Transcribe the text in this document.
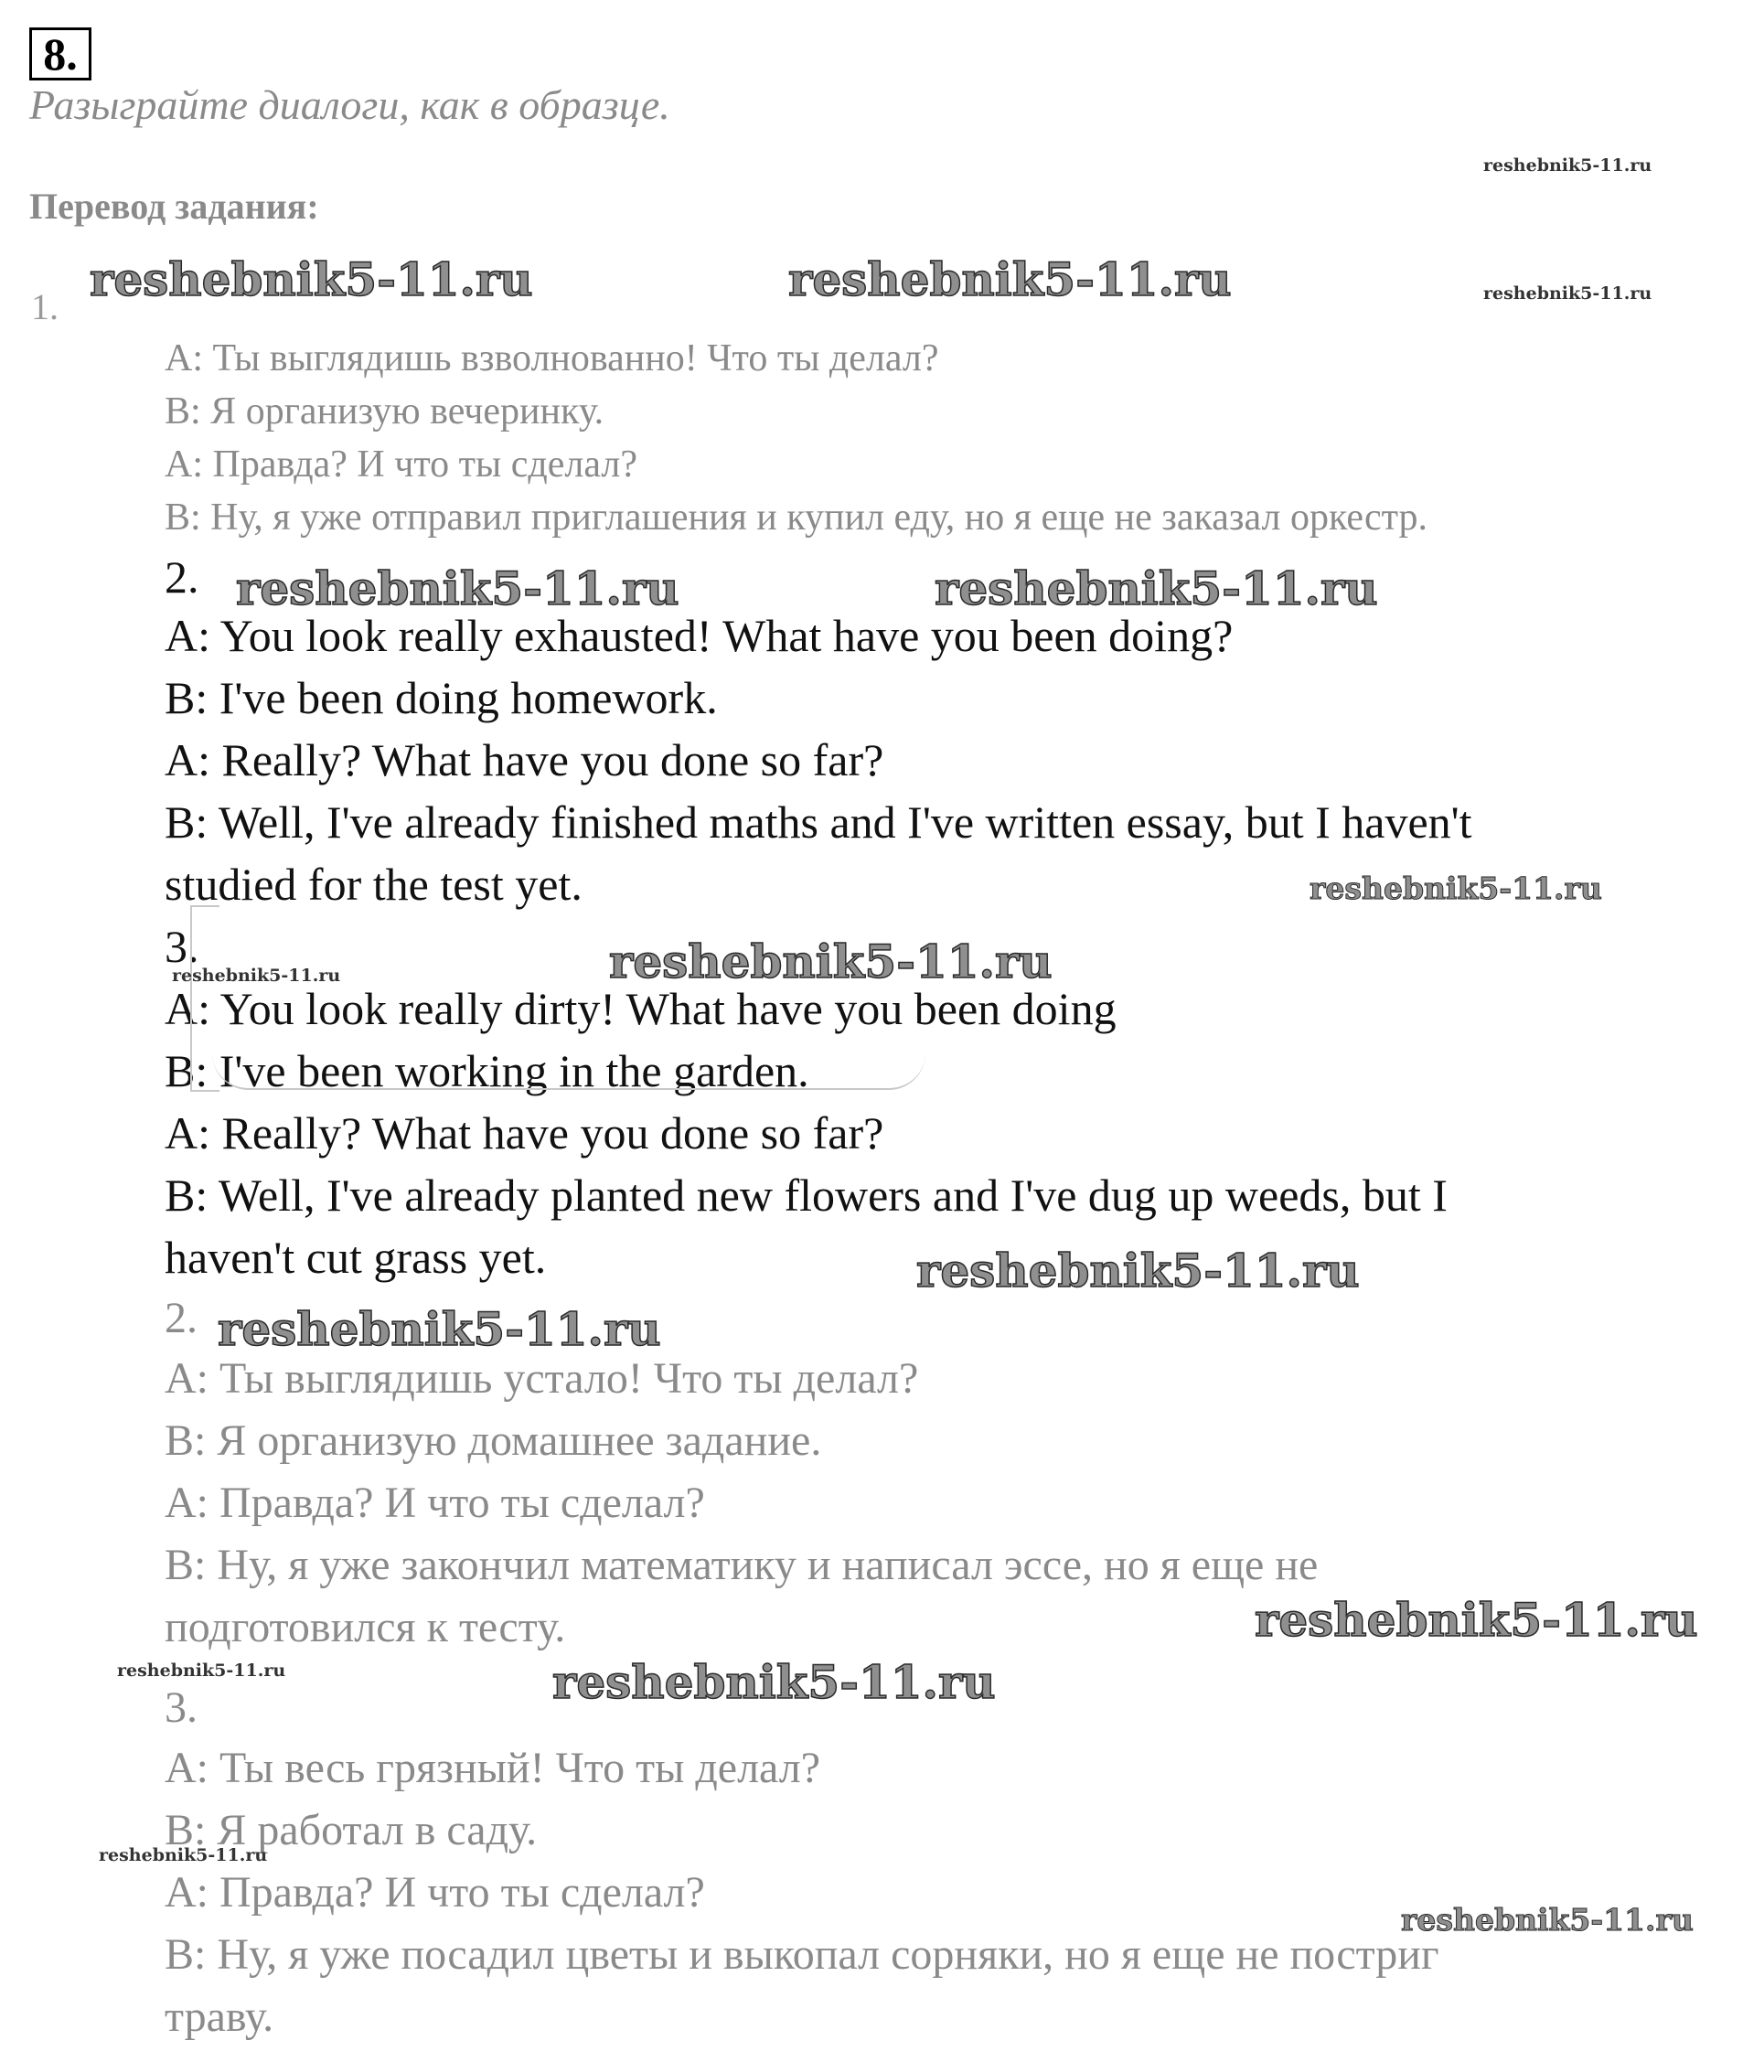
8.
Разыграйте диалоги, как в образце.
Перевод задания:
1.
А: Ты выглядишь взволнованно! Что ты делал?
В: Я организую вечеринку.
А: Правда? И что ты сделал?
В: Ну, я уже отправил приглашения и купил еду, но я еще не заказал оркестр.
2.
A: You look really exhausted! What have you been doing?
B: I've been doing homework.
A: Really? What have you done so far?
B: Well, I've already finished maths and I've written essay, but I haven't
studied for the test yet.
3.
A: You look really dirty! What have you been doing
B: I've been working in the garden.
A: Really? What have you done so far?
B: Well, I've already planted new flowers and I've dug up weeds, but I
haven't cut grass yet.
2.
А: Ты выглядишь устало! Что ты делал?
В: Я организую домашнее задание.
А: Правда? И что ты сделал?
В: Ну, я уже закончил математику и написал эссе, но я еще не
подготовился к тесту.
3.
А: Ты весь грязный! Что ты делал?
В: Я работал в саду.
А: Правда? И что ты сделал?
В: Ну, я уже посадил цветы и выкопал сорняки, но я еще не постриг
траву.
reshebnik5-11.ru
reshebnik5-11.ru	reshebnik5-11.ru	reshebnik5-11.ru
reshebnik5-11.ru	reshebnik5-11.ru
reshebnik5-11.ru
reshebnik5-11.ru	reshebnik5-11.ru
reshebnik5-11.ru
reshebnik5-11.ru
reshebnik5-11.ru
reshebnik5-11.ru	reshebnik5-11.ru
reshebnik5-11.ru
reshebnik5-11.ru
